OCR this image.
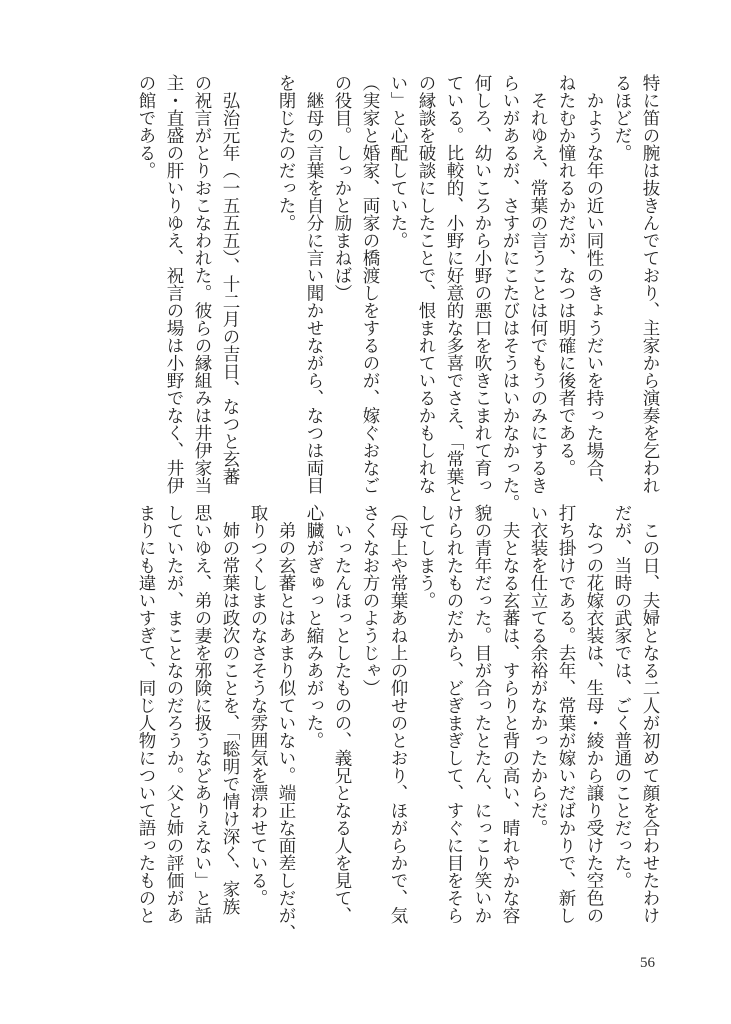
特に笛の腕は抜きんでており、主家から演奏を乞われ
るほどだ。
　かような年の近い同性のきょうだいを持った場合、
ねたむか憧れるかだが、なつは明確に後者である。
　それゆえ、常葉の言うことは何でもうのみにするき
らいがあるが、さすがにこたびはそうはいかなかった。
何しろ、幼いころから小野の悪口を吹きこまれて育っ
ている。比較的、小野に好意的な多喜でさえ、「常葉と
の縁談を破談にしたことで、恨まれているかもしれな
い」と心配していた。
（実家と婚家、両家の橋渡しをするのが、嫁ぐおなご
の役目。しっかと励まねば）
　継母の言葉を自分に言い聞かせながら、なつは両目
を閉じたのだった。

　弘治元年（一五五五）、十二月の吉日、なつと玄蕃
の祝言がとりおこなわれた。彼らの縁組みは井伊家当
主・直盛の肝いりゆえ、祝言の場は小野でなく、井伊
の館である。
　この日、夫婦となる二人が初めて顔を合わせたわけ
だが、当時の武家では、ごく普通のことだった。
　なつの花嫁衣装は、生母・綾から譲り受けた空色の
打ち掛けである。去年、常葉が嫁いだばかりで、新し
い衣装を仕立てる余裕がなかったからだ。
　夫となる玄蕃は、すらりと背の高い、晴れやかな容
貌の青年だった。目が合ったとたん、にっこり笑いか
けられたものだから、どぎまぎして、すぐに目をそら
してしまう。
（母上や常葉あね上の仰せのとおり、ほがらかで、気
さくなお方のようじゃ）
　いったんほっとしたものの、義兄となる人を見て、
心臓がぎゅっと縮みあがった。
　弟の玄蕃とはあまり似ていない。端正な面差しだが、
取りつくしまのなさそうな雰囲気を漂わせている。
　姉の常葉は政次のことを、「聡明で情け深く、家族
思いゆえ、弟の妻を邪険に扱うなどありえない」と話
していたが、まことなのだろうか。父と姉の評価があ
まりにも違いすぎて、同じ人物について語ったものと
56
